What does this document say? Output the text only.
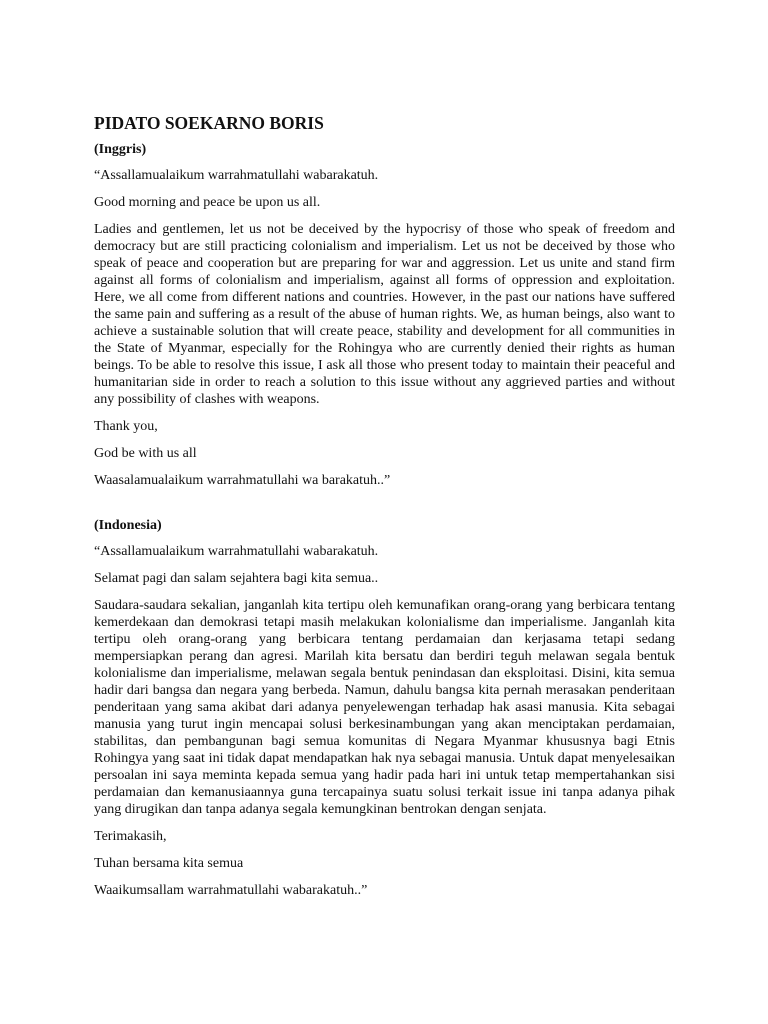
PIDATO SOEKARNO BORIS
(Inggris)
“Assallamualaikum warrahmatullahi wabarakatuh.
Good morning and peace be upon us all.
Ladies and gentlemen, let us not be deceived by the hypocrisy of those who speak of freedom and democracy but are still practicing colonialism and imperialism. Let us not be deceived by those who speak of peace and cooperation but are preparing for war and aggression. Let us unite and stand firm against all forms of colonialism and imperialism, against all forms of oppression and exploitation. Here, we all come from different nations and countries. However, in the past our nations have suffered the same pain and suffering as a result of the abuse of human rights. We, as human beings, also want to achieve a sustainable solution that will create peace, stability and development for all communities in the State of Myanmar, especially for the Rohingya who are currently denied their rights as human beings. To be able to resolve this issue, I ask all those who present today to maintain their peaceful and humanitarian side in order to reach a solution to this issue without any aggrieved parties and without any possibility of clashes with weapons.
Thank you,
God be with us all
Waasalamualaikum warrahmatullahi wa barakatuh..”
(Indonesia)
“Assallamualaikum warrahmatullahi wabarakatuh.
Selamat pagi dan salam sejahtera bagi kita semua..
Saudara-saudara sekalian, janganlah kita tertipu oleh kemunafikan orang-orang yang berbicara tentang kemerdekaan dan demokrasi tetapi masih melakukan kolonialisme dan imperialisme. Janganlah kita tertipu oleh orang-orang yang berbicara tentang perdamaian dan kerjasama tetapi sedang mempersiapkan perang dan agresi. Marilah kita bersatu dan berdiri teguh melawan segala bentuk kolonialisme dan imperialisme, melawan segala bentuk penindasan dan eksploitasi. Disini, kita semua hadir dari bangsa dan negara yang berbeda. Namun, dahulu bangsa kita pernah merasakan penderitaan penderitaan yang sama akibat dari adanya penyelewengan terhadap hak asasi manusia. Kita sebagai manusia yang turut ingin mencapai solusi berkesinambungan yang akan menciptakan perdamaian, stabilitas, dan pembangunan bagi semua komunitas di Negara Myanmar khususnya bagi Etnis Rohingya yang saat ini tidak dapat mendapatkan hak nya sebagai manusia. Untuk dapat menyelesaikan persoalan ini saya meminta kepada semua yang hadir pada hari ini untuk tetap mempertahankan sisi perdamaian dan kemanusiaannya guna tercapainya suatu solusi terkait issue ini tanpa adanya pihak yang dirugikan dan tanpa adanya segala kemungkinan bentrokan dengan senjata.
Terimakasih,
Tuhan bersama kita semua
Waaikumsallam warrahmatullahi wabarakatuh..”
